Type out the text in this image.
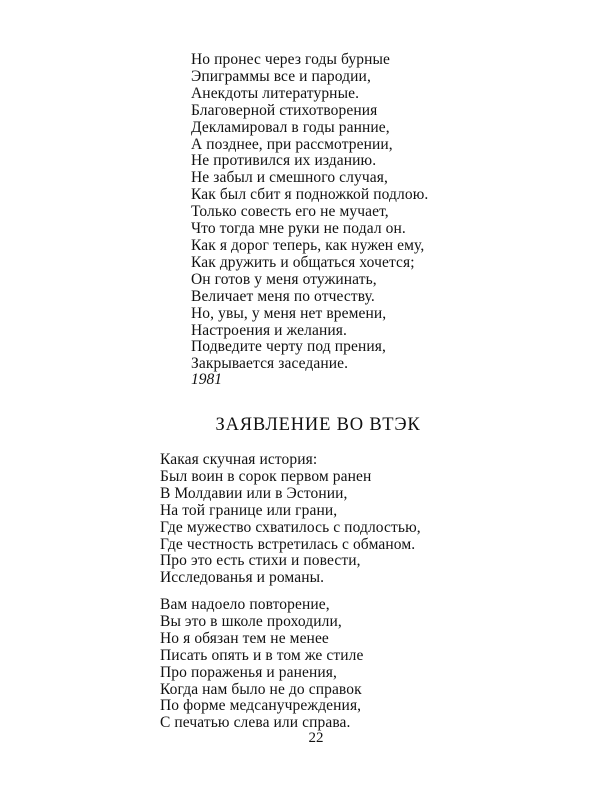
Но пронес через годы бурные
Эпиграммы все и пародии,
Анекдоты литературные.
Благоверной стихотворения
Декламировал в годы ранние,
А позднее, при рассмотрении,
Не противился их изданию.
Не забыл и смешного случая,
Как был сбит я подножкой подлою.
Только совесть его не мучает,
Что тогда мне руки не подал он.
Как я дорог теперь, как нужен ему,
Как дружить и общаться хочется;
Он готов у меня отужинать,
Величает меня по отчеству.
Но, увы, у меня нет времени,
Настроения и желания.
Подведите черту под прения,
Закрывается заседание.
1981
ЗАЯВЛЕНИЕ ВО ВТЭК
Какая скучная история:
Был воин в сорок первом ранен
В Молдавии или в Эстонии,
На той границе или грани,
Где мужество схватилось с подлостью,
Где честность встретилась с обманом.
Про это есть стихи и повести,
Исследованья и романы.
Вам надоело повторение,
Вы это в школе проходили,
Но я обязан тем не менее
Писать опять и в том же стиле
Про пораженья и ранения,
Когда нам было не до справок
По форме медсанучреждения,
С печатью слева или справа.
22
